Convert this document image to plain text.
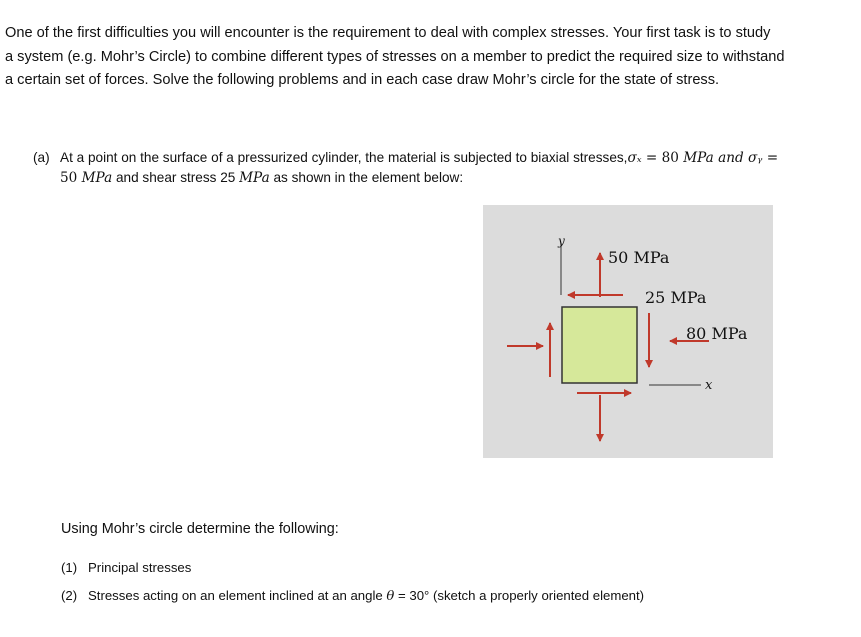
One of the first difficulties you will encounter is the requirement to deal with complex stresses. Your first task is to study
a system (e.g. Mohr’s Circle) to combine different types of stresses on a member to predict the required size to withstand
a certain set of forces. Solve the following problems and in each case draw Mohr’s circle for the state of stress.
(a) At a point on the surface of a pressurized cylinder, the material is subjected to biaxial stresses,σₓ = 80 MPa and σᵧ =
50 MPa and shear stress 25 MPa as shown in the element below:
y
x
50 MPa
25 MPa
80 MPa
Using Mohr’s circle determine the following:
(1) Principal stresses
(2) Stresses acting on an element inclined at an angle θ = 30° (sketch a properly oriented element)
